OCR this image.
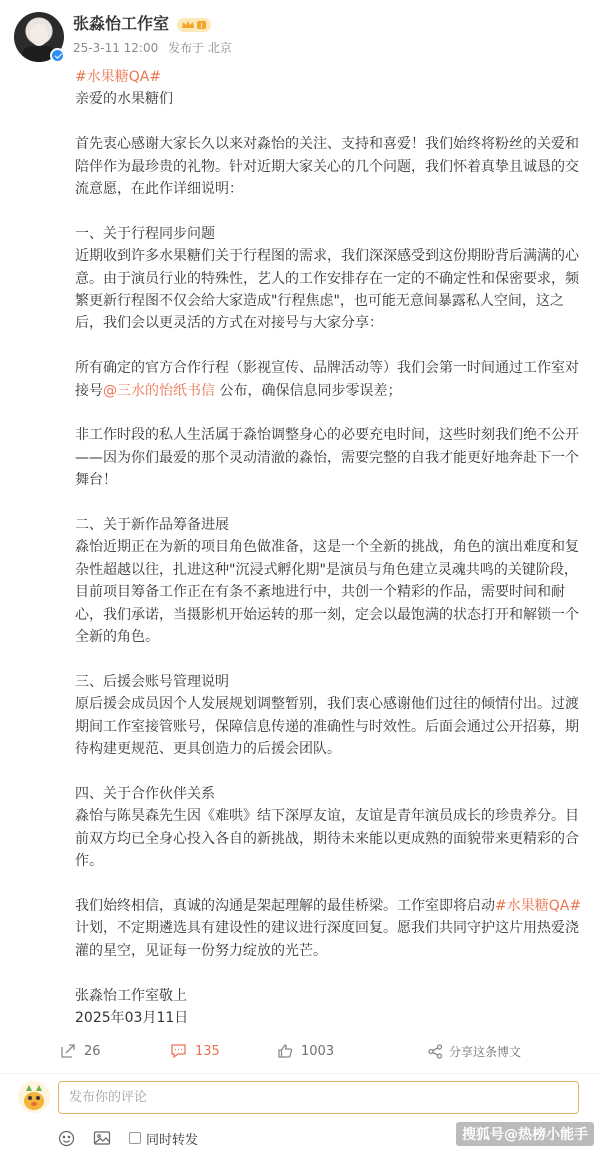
张淼怡工作室	I
25-3-11 12:00 发布于 北京

#水果糖QA#

亲爱的水果糖们

首先衷心感谢大家长久以来对淼怡的关注、支持和喜爱！我们始终将粉丝的关爱和陪伴作为最珍贵的礼物。针对近期大家关心的几个问题，我们怀着真挚且诚恳的交流意愿，在此作详细说明：

一、关于行程同步问题

近期收到许多水果糖们关于行程图的需求，我们深深感受到这份期盼背后满满的心意。由于演员行业的特殊性，艺人的工作安排存在一定的不确定性和保密要求，频繁更新行程图不仅会给大家造成"行程焦虑"，也可能无意间暴露私人空间，这之后，我们会以更灵活的方式在对接号与大家分享：

所有确定的官方合作行程（影视宣传、品牌活动等）我们会第一时间通过工作室对接号@三水的怡纸书信 公布，确保信息同步零误差；

非工作时段的私人生活属于淼怡调整身心的必要充电时间，这些时刻我们绝不公开——因为你们最爱的那个灵动清澈的淼怡，需要完整的自我才能更好地奔赴下一个舞台！

二、关于新作品筹备进展

淼怡近期正在为新的项目角色做准备，这是一个全新的挑战，角色的演出难度和复杂性超越以往，扎进这种"沉浸式孵化期"是演员与角色建立灵魂共鸣的关键阶段，目前项目筹备工作正在有条不紊地进行中，共创一个精彩的作品，需要时间和耐心，我们承诺，当摄影机开始运转的那一刻，定会以最饱满的状态打开和解锁一个全新的角色。

三、后援会账号管理说明

原后援会成员因个人发展规划调整暂别，我们衷心感谢他们过往的倾情付出。过渡期间工作室接管账号，保障信息传递的准确性与时效性。后面会通过公开招募，期待构建更规范、更具创造力的后援会团队。

四、关于合作伙伴关系

淼怡与陈昊森先生因《难哄》结下深厚友谊，友谊是青年演员成长的珍贵养分。目前双方均已全身心投入各自的新挑战，期待未来能以更成熟的面貌带来更精彩的合作。

我们始终相信，真诚的沟通是架起理解的最佳桥梁。工作室即将启动#水果糖QA#计划，不定期遴选具有建设性的建议进行深度回复。愿我们共同守护这片用热爱浇灌的星空，见证每一份努力绽放的光芒。

张淼怡工作室敬上

2025年03月11日

26	135	1003	分享这条博文
发布你的评论
同时转发	搜狐号@热榜小能手
